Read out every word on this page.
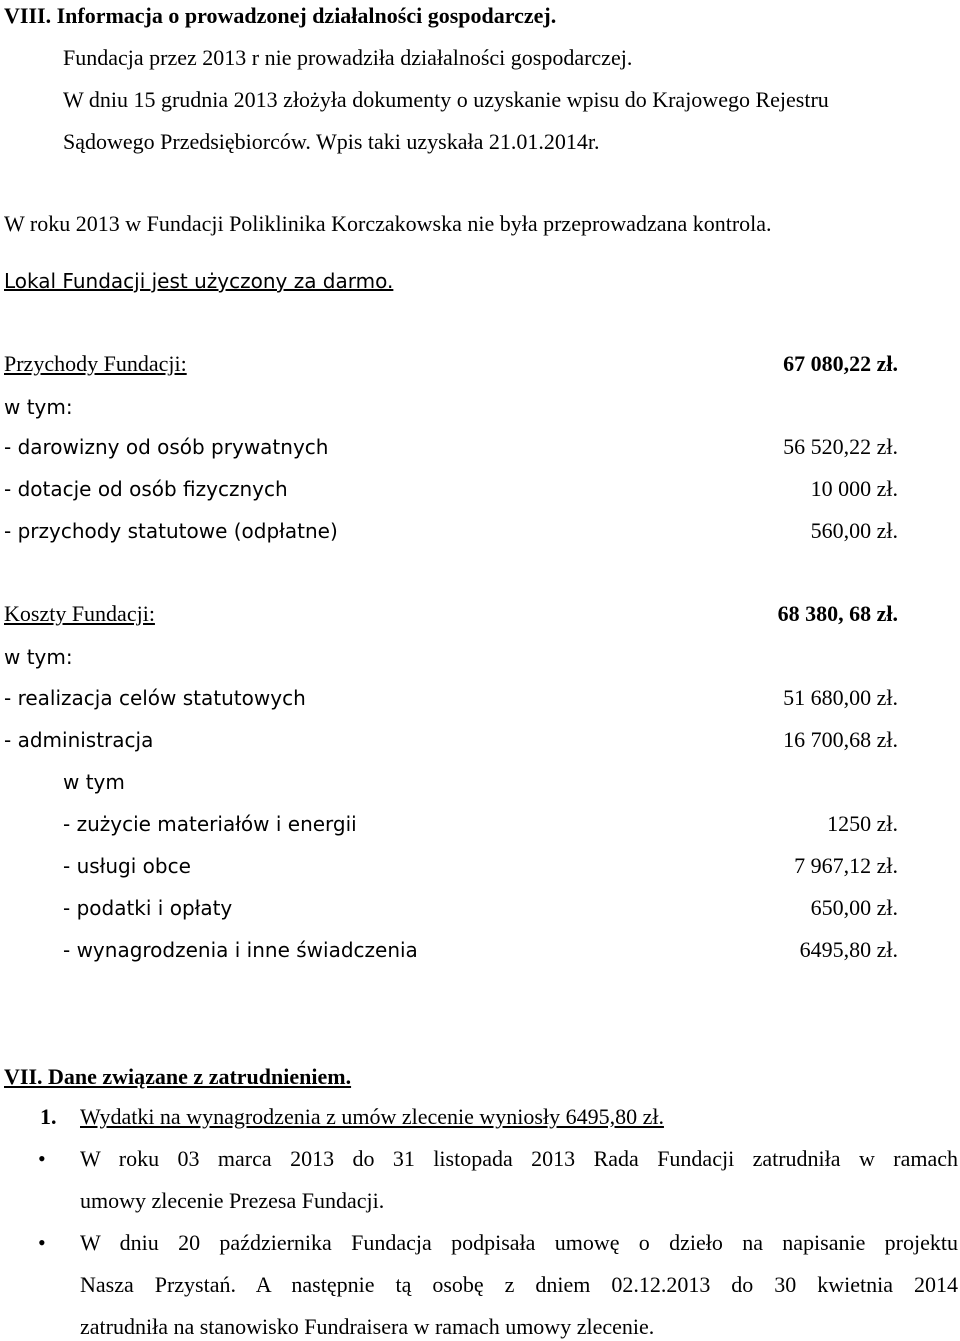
VIII. Informacja o prowadzonej działalności gospodarczej.
Fundacja przez 2013 r nie prowadziła działalności gospodarczej.
W dniu 15 grudnia 2013 złożyła dokumenty o uzyskanie wpisu do Krajowego Rejestru
Sądowego Przedsiębiorców. Wpis taki uzyskała 21.01.2014r.
W roku 2013 w Fundacji Poliklinika Korczakowska nie była przeprowadzana kontrola.
Lokal Fundacji jest użyczony za darmo.
Przychody Fundacji:	67 080,22 zł.
w tym:
- darowizny od osób prywatnych	56 520,22 zł.
- dotacje od osób fizycznych	10 000 zł.
- przychody statutowe (odpłatne)	560,00 zł.
Koszty Fundacji:	68 380, 68 zł.
w tym:
- realizacja celów statutowych	51 680,00 zł.
- administracja	16 700,68 zł.
w tym
- zużycie materiałów i energii	1250 zł.
- usługi obce	7 967,12 zł.
- podatki i opłaty	650,00 zł.
- wynagrodzenia i inne świadczenia	6495,80 zł.
VII. Dane związane z zatrudnieniem.
1. Wydatki na wynagrodzenia z umów zlecenie wyniosły 6495,80 zł.
• W roku 03 marca 2013 do 31 listopada 2013 Rada Fundacji zatrudniła w ramach
umowy zlecenie Prezesa Fundacji.
• W dniu 20 października Fundacja podpisała umowę o dzieło na napisanie projektu
Nasza Przystań. A następnie tą osobę z dniem 02.12.2013 do 30 kwietnia 2014
zatrudniła na stanowisko Fundraisera w ramach umowy zlecenie.
